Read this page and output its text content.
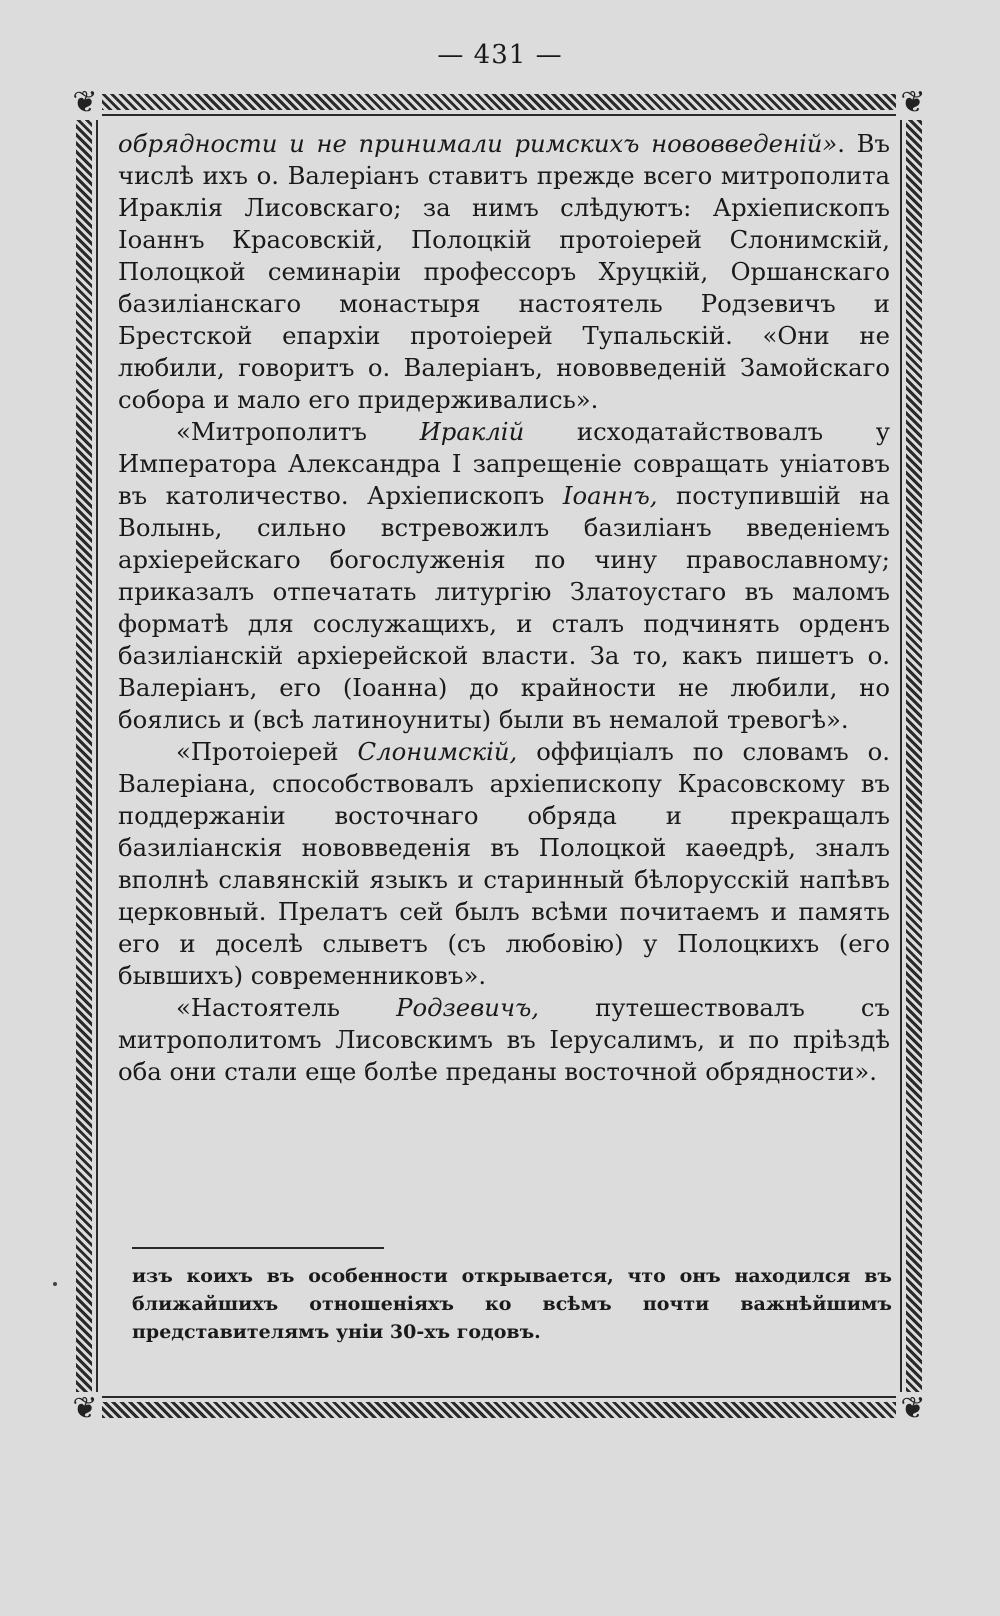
— 431 —
❦	❦
❦	❦

обрядности и не принимали римскихъ нововведеній». Въ числѣ ихъ о. Валеріанъ ставитъ прежде всего митрополита Ираклія Лисовскаго; за нимъ слѣдуютъ: Архіепископъ Іоаннъ Красовскій, Полоцкій протоіерей Слонимскій, Полоцкой семинаріи профессоръ Хруцкій, Оршанскаго базиліанскаго монастыря настоятель Родзевичъ и Брестской епархіи протоіерей Тупальскій. «Они не любили, говоритъ о. Валеріанъ, нововведеній Замойскаго собора и мало его придерживались».

«Митрополитъ Ираклій исходатайствовалъ у Императора Александра I запрещеніе совращать уніатовъ въ католичество. Архіепископъ Іоаннъ, поступившій на Волынь, сильно встревожилъ базиліанъ введеніемъ архіерейскаго богослуженія по чину православному; приказалъ отпечатать литургію Златоустаго въ маломъ форматѣ для сослужащихъ, и сталъ подчинять орденъ базиліанскій архіерейской власти. За то, какъ пишетъ о. Валеріанъ, его (Іоанна) до крайности не любили, но боялись и (всѣ латиноуниты) были въ немалой тревогѣ».

«Протоіерей Слонимскій, оффиціалъ по словамъ о. Валеріана, способствовалъ архіепископу Красовскому въ поддержаніи восточнаго обряда и прекращалъ базиліанскія нововведенія въ Полоцкой каѳедрѣ, зналъ вполнѣ славянскій языкъ и старинный бѣлорусскій напѣвъ церковный. Прелатъ сей былъ всѣми почитаемъ и память его и доселѣ слыветъ (съ любовію) у Полоцкихъ (его бывшихъ) современниковъ».

«Настоятель Родзевичъ, путешествовалъ съ митрополитомъ Лисовскимъ въ Іерусалимъ, и по пріѣздѣ оба они стали еще болѣе преданы восточной обрядности».

изъ коихъ въ особенности открывается, что онъ находился въ ближайшихъ отношеніяхъ ко всѣмъ почти важнѣйшимъ представителямъ уніи 30-хъ годовъ.
